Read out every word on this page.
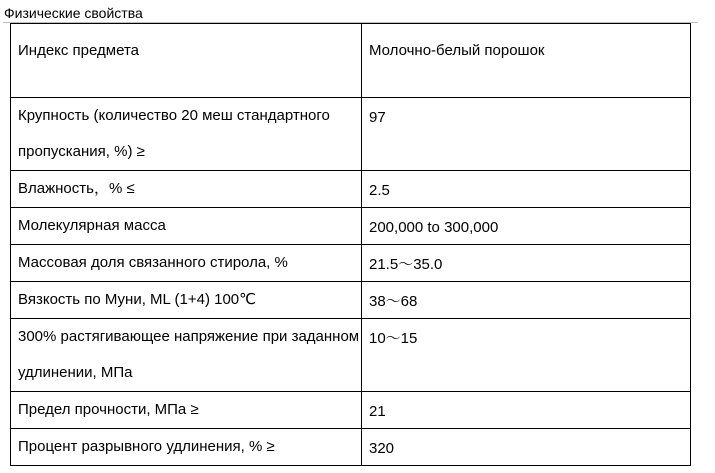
Физические свойства
Индекс предмета	Молочно-белый порошок
Крупность (количество 20 меш стандартного пропускания, %) ≥	97
Влажность，% ≤	2.5
Молекулярная масса	200,000 to 300,000
Массовая доля связанного стирола, %	21.5～35.0
Вязкость по Муни, ML (1+4) 100℃	38～68
300% растягивающее напряжение при заданном удлинении, МПа	10～15
Предел прочности, МПа ≥	21
Процент разрывного удлинения, % ≥	320
